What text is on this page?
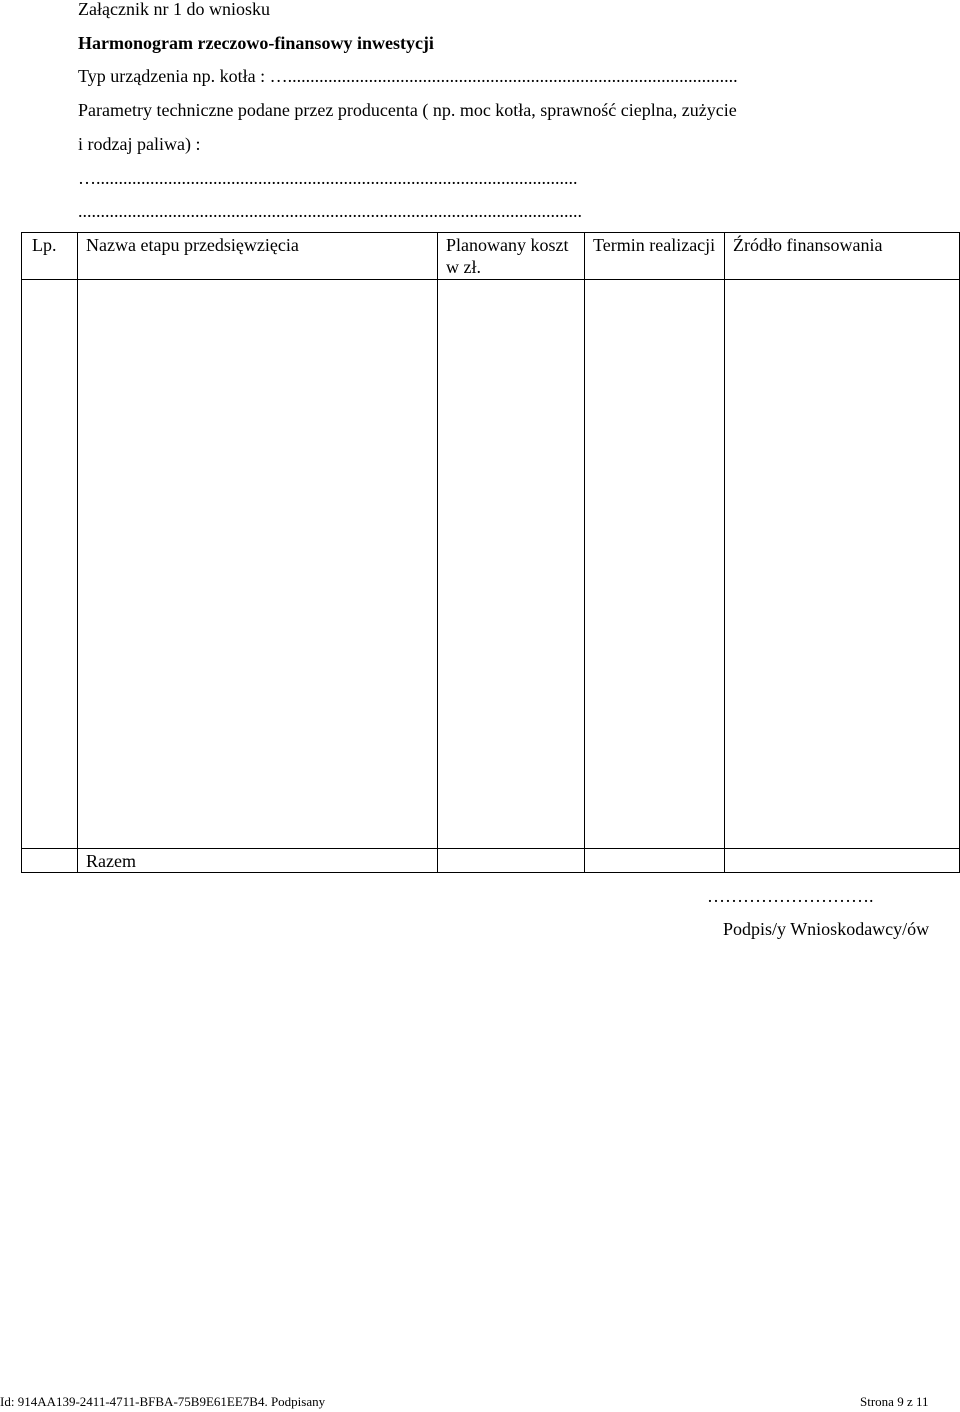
Załącznik nr 1 do wniosku
Harmonogram rzeczowo-finansowy inwestycji
Typ urządzenia np. kotła : …....................................................................................................
Parametry techniczne podane przez producenta ( np. moc kotła, sprawność cieplna, zużycie
i rodzaj paliwa) :
…...........................................................................................................
................................................................................................................
Lp.	Nazwa etapu przedsięwzięcia	Planowany koszt w zł.	Termin realizacji	Źródło finansowania

	Razem			
……………………….
Podpis/y Wnioskodawcy/ów
Id: 914AA139-2411-4711-BFBA-75B9E61EE7B4. Podpisany	Strona 9 z 11
